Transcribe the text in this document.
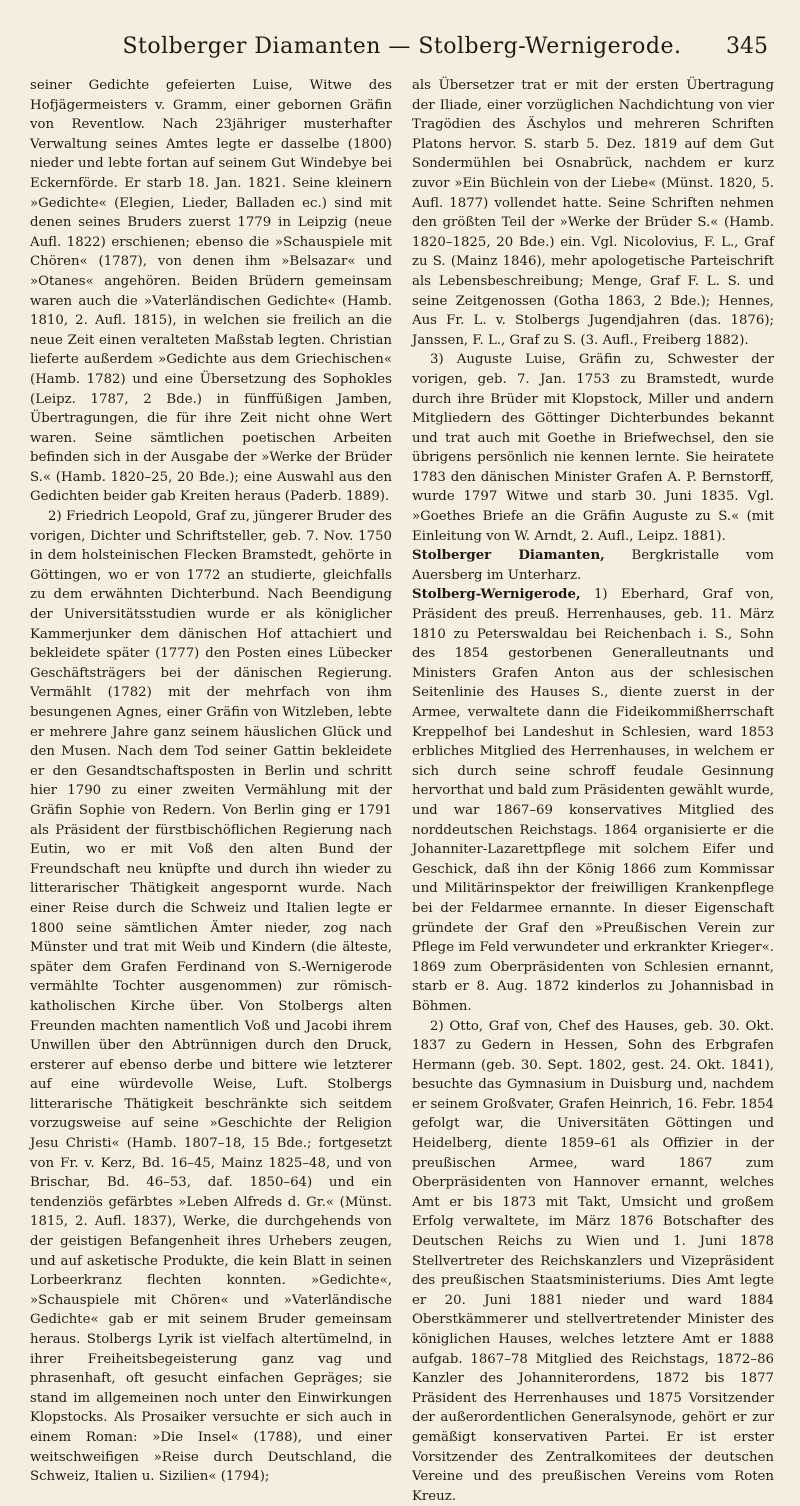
Stolberger Diamanten — Stolberg-Wernigerode.	345

seiner Gedichte gefeierten Luise, Witwe des Hofjägermeisters v. Gramm, einer gebornen Gräfin von Reventlow. Nach 23jähriger musterhafter Verwaltung seines Amtes legte er dasselbe (1800) nieder und lebte fortan auf seinem Gut Windebye bei Eckernförde. Er starb 18. Jan. 1821. Seine kleinern »Gedichte« (Elegien, Lieder, Balladen ec.) sind mit denen seines Bruders zuerst 1779 in Leipzig (neue Aufl. 1822) erschienen; ebenso die »Schauspiele mit Chören« (1787), von denen ihm »Belsazar« und »Otanes« angehören. Beiden Brüdern gemeinsam waren auch die »Vaterländischen Gedichte« (Hamb. 1810, 2. Aufl. 1815), in welchen sie freilich an die neue Zeit einen veralteten Maßstab legten. Christian lieferte außerdem »Gedichte aus dem Griechischen« (Hamb. 1782) und eine Übersetzung des Sophokles (Leipz. 1787, 2 Bde.) in fünffüßigen Jamben, Übertragungen, die für ihre Zeit nicht ohne Wert waren. Seine sämtlichen poetischen Arbeiten befinden sich in der Ausgabe der »Werke der Brüder S.« (Hamb. 1820–25, 20 Bde.); eine Auswahl aus den Gedichten beider gab Kreiten heraus (Paderb. 1889).

2) Friedrich Leopold, Graf zu, jüngerer Bruder des vorigen, Dichter und Schriftsteller, geb. 7. Nov. 1750 in dem holsteinischen Flecken Bramstedt, gehörte in Göttingen, wo er von 1772 an studierte, gleichfalls zu dem erwähnten Dichterbund. Nach Beendigung der Universitätsstudien wurde er als königlicher Kammerjunker dem dänischen Hof attachiert und bekleidete später (1777) den Posten eines Lübecker Geschäftsträgers bei der dänischen Regierung. Vermählt (1782) mit der mehrfach von ihm besungenen Agnes, einer Gräfin von Witzleben, lebte er mehrere Jahre ganz seinem häuslichen Glück und den Musen. Nach dem Tod seiner Gattin bekleidete er den Gesandtschaftsposten in Berlin und schritt hier 1790 zu einer zweiten Vermählung mit der Gräfin Sophie von Redern. Von Berlin ging er 1791 als Präsident der fürstbischöflichen Regierung nach Eutin, wo er mit Voß den alten Bund der Freundschaft neu knüpfte und durch ihn wieder zu litterarischer Thätigkeit angespornt wurde. Nach einer Reise durch die Schweiz und Italien legte er 1800 seine sämtlichen Ämter nieder, zog nach Münster und trat mit Weib und Kindern (die älteste, später dem Grafen Ferdinand von S.-Wernigerode vermählte Tochter ausgenommen) zur römisch-katholischen Kirche über. Von Stolbergs alten Freunden machten namentlich Voß und Jacobi ihrem Unwillen über den Abtrünnigen durch den Druck, ersterer auf ebenso derbe und bittere wie letzterer auf eine würdevolle Weise, Luft. Stolbergs litterarische Thätigkeit beschränkte sich seitdem vorzugsweise auf seine »Geschichte der Religion Jesu Christi« (Hamb. 1807–18, 15 Bde.; fortgesetzt von Fr. v. Kerz, Bd. 16–45, Mainz 1825–48, und von Brischar, Bd. 46–53, daf. 1850–64) und ein tendenziös gefärbtes »Leben Alfreds d. Gr.« (Münst. 1815, 2. Aufl. 1837), Werke, die durchgehends von der geistigen Befangenheit ihres Urhebers zeugen, und auf asketische Produkte, die kein Blatt in seinen Lorbeerkranz flechten konnten. »Gedichte«, »Schauspiele mit Chören« und »Vaterländische Gedichte« gab er mit seinem Bruder gemeinsam heraus. Stolbergs Lyrik ist vielfach altertümelnd, in ihrer Freiheitsbegeisterung ganz vag und phrasenhaft, oft gesucht einfachen Gepräges; sie stand im allgemeinen noch unter den Einwirkungen Klopstocks. Als Prosaiker versuchte er sich auch in einem Roman: »Die Insel« (1788), und einer weitschweifigen »Reise durch Deutschland, die Schweiz, Italien u. Sizilien« (1794);

als Übersetzer trat er mit der ersten Übertragung der Iliade, einer vorzüglichen Nachdichtung von vier Tragödien des Äschylos und mehreren Schriften Platons hervor. S. starb 5. Dez. 1819 auf dem Gut Sondermühlen bei Osnabrück, nachdem er kurz zuvor »Ein Büchlein von der Liebe« (Münst. 1820, 5. Aufl. 1877) vollendet hatte. Seine Schriften nehmen den größten Teil der »Werke der Brüder S.« (Hamb. 1820–1825, 20 Bde.) ein. Vgl. Nicolovius, F. L., Graf zu S. (Mainz 1846), mehr apologetische Parteischrift als Lebensbeschreibung; Menge, Graf F. L. S. und seine Zeitgenossen (Gotha 1863, 2 Bde.); Hennes, Aus Fr. L. v. Stolbergs Jugendjahren (das. 1876); Janssen, F. L., Graf zu S. (3. Aufl., Freiberg 1882).

3) Auguste Luise, Gräfin zu, Schwester der vorigen, geb. 7. Jan. 1753 zu Bramstedt, wurde durch ihre Brüder mit Klopstock, Miller und andern Mitgliedern des Göttinger Dichterbundes bekannt und trat auch mit Goethe in Briefwechsel, den sie übrigens persönlich nie kennen lernte. Sie heiratete 1783 den dänischen Minister Grafen A. P. Bernstorff, wurde 1797 Witwe und starb 30. Juni 1835. Vgl. »Goethes Briefe an die Gräfin Auguste zu S.« (mit Einleitung von W. Arndt, 2. Aufl., Leipz. 1881).

Stolberger Diamanten, Bergkristalle vom Auersberg im Unterharz.

Stolberg-Wernigerode, 1) Eberhard, Graf von, Präsident des preuß. Herrenhauses, geb. 11. März 1810 zu Peterswaldau bei Reichenbach i. S., Sohn des 1854 gestorbenen Generalleutnants und Ministers Grafen Anton aus der schlesischen Seitenlinie des Hauses S., diente zuerst in der Armee, verwaltete dann die Fideikommißherrschaft Kreppelhof bei Landeshut in Schlesien, ward 1853 erbliches Mitglied des Herrenhauses, in welchem er sich durch seine schroff feudale Gesinnung hervorthat und bald zum Präsidenten gewählt wurde, und war 1867–69 konservatives Mitglied des norddeutschen Reichstags. 1864 organisierte er die Johanniter-Lazarettpflege mit solchem Eifer und Geschick, daß ihn der König 1866 zum Kommissar und Militärinspektor der freiwilligen Krankenpflege bei der Feldarmee ernannte. In dieser Eigenschaft gründete der Graf den »Preußischen Verein zur Pflege im Feld verwundeter und erkrankter Krieger«. 1869 zum Oberpräsidenten von Schlesien ernannt, starb er 8. Aug. 1872 kinderlos zu Johannisbad in Böhmen.

2) Otto, Graf von, Chef des Hauses, geb. 30. Okt. 1837 zu Gedern in Hessen, Sohn des Erbgrafen Hermann (geb. 30. Sept. 1802, gest. 24. Okt. 1841), besuchte das Gymnasium in Duisburg und, nachdem er seinem Großvater, Grafen Heinrich, 16. Febr. 1854 gefolgt war, die Universitäten Göttingen und Heidelberg, diente 1859–61 als Offizier in der preußischen Armee, ward 1867 zum Oberpräsidenten von Hannover ernannt, welches Amt er bis 1873 mit Takt, Umsicht und großem Erfolg verwaltete, im März 1876 Botschafter des Deutschen Reichs zu Wien und 1. Juni 1878 Stellvertreter des Reichskanzlers und Vizepräsident des preußischen Staatsministeriums. Dies Amt legte er 20. Juni 1881 nieder und ward 1884 Oberstkämmerer und stellvertretender Minister des königlichen Hauses, welches letztere Amt er 1888 aufgab. 1867–78 Mitglied des Reichstags, 1872–86 Kanzler des Johanniterordens, 1872 bis 1877 Präsident des Herrenhauses und 1875 Vorsitzender der außerordentlichen Generalsynode, gehört er zur gemäßigt konservativen Partei. Er ist erster Vorsitzender des Zentralkomitees der deutschen Vereine und des preußischen Vereins vom Roten Kreuz.
